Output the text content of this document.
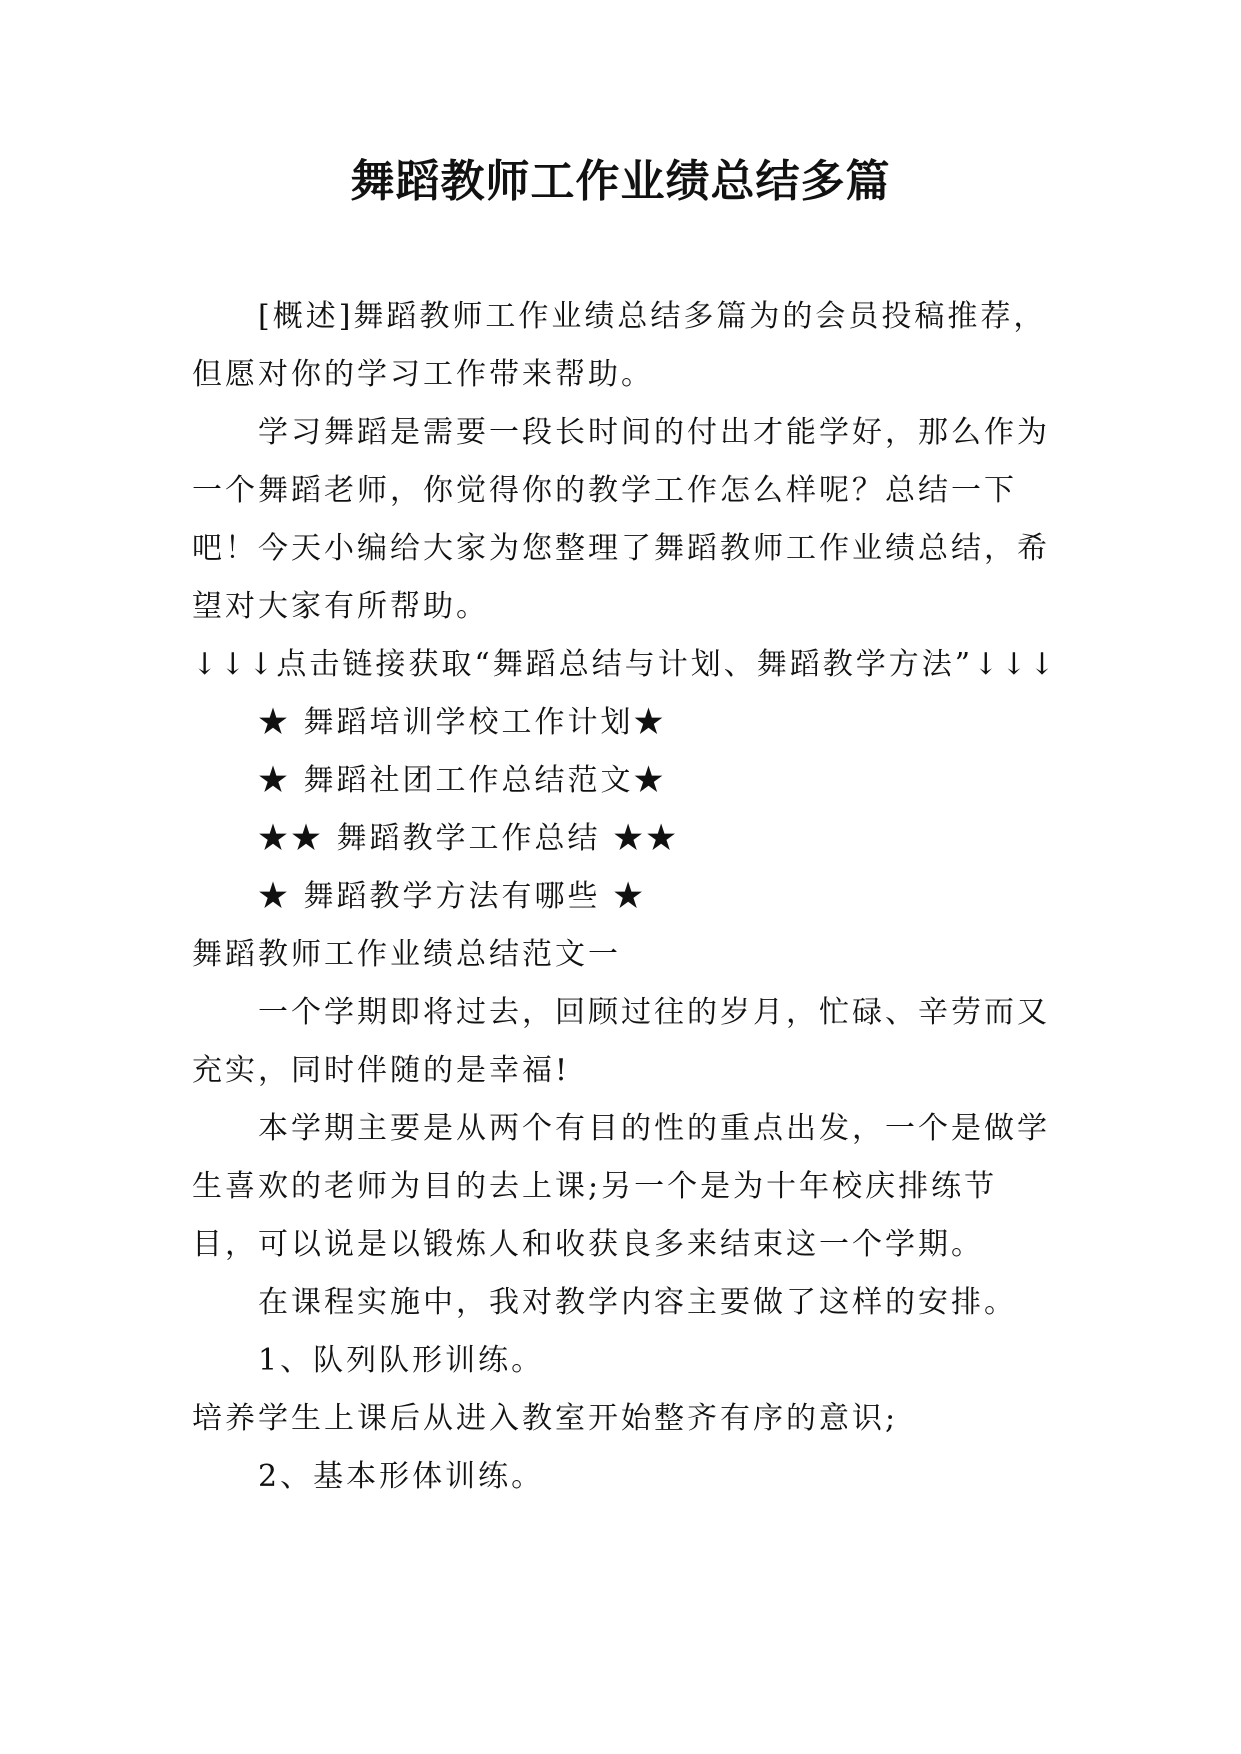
舞蹈教师工作业绩总结多篇

[概述]舞蹈教师工作业绩总结多篇为的会员投稿推荐，但愿对你的学习工作带来帮助。

学习舞蹈是需要一段长时间的付出才能学好，那么作为一个舞蹈老师，你觉得你的教学工作怎么样呢？总结一下吧！今天小编给大家为您整理了舞蹈教师工作业绩总结，希望对大家有所帮助。

↓↓↓点击链接获取“舞蹈总结与计划、舞蹈教学方法”↓↓↓

★ 舞蹈培训学校工作计划★

★ 舞蹈社团工作总结范文★

★★ 舞蹈教学工作总结 ★★

★ 舞蹈教学方法有哪些 ★

舞蹈教师工作业绩总结范文一

一个学期即将过去，回顾过往的岁月，忙碌、辛劳而又充实，同时伴随的是幸福!

本学期主要是从两个有目的性的重点出发，一个是做学生喜欢的老师为目的去上课;另一个是为十年校庆排练节目，可以说是以锻炼人和收获良多来结束这一个学期。

在课程实施中，我对教学内容主要做了这样的安排。

1、队列队形训练。

培养学生上课后从进入教室开始整齐有序的意识;

2、基本形体训练。
